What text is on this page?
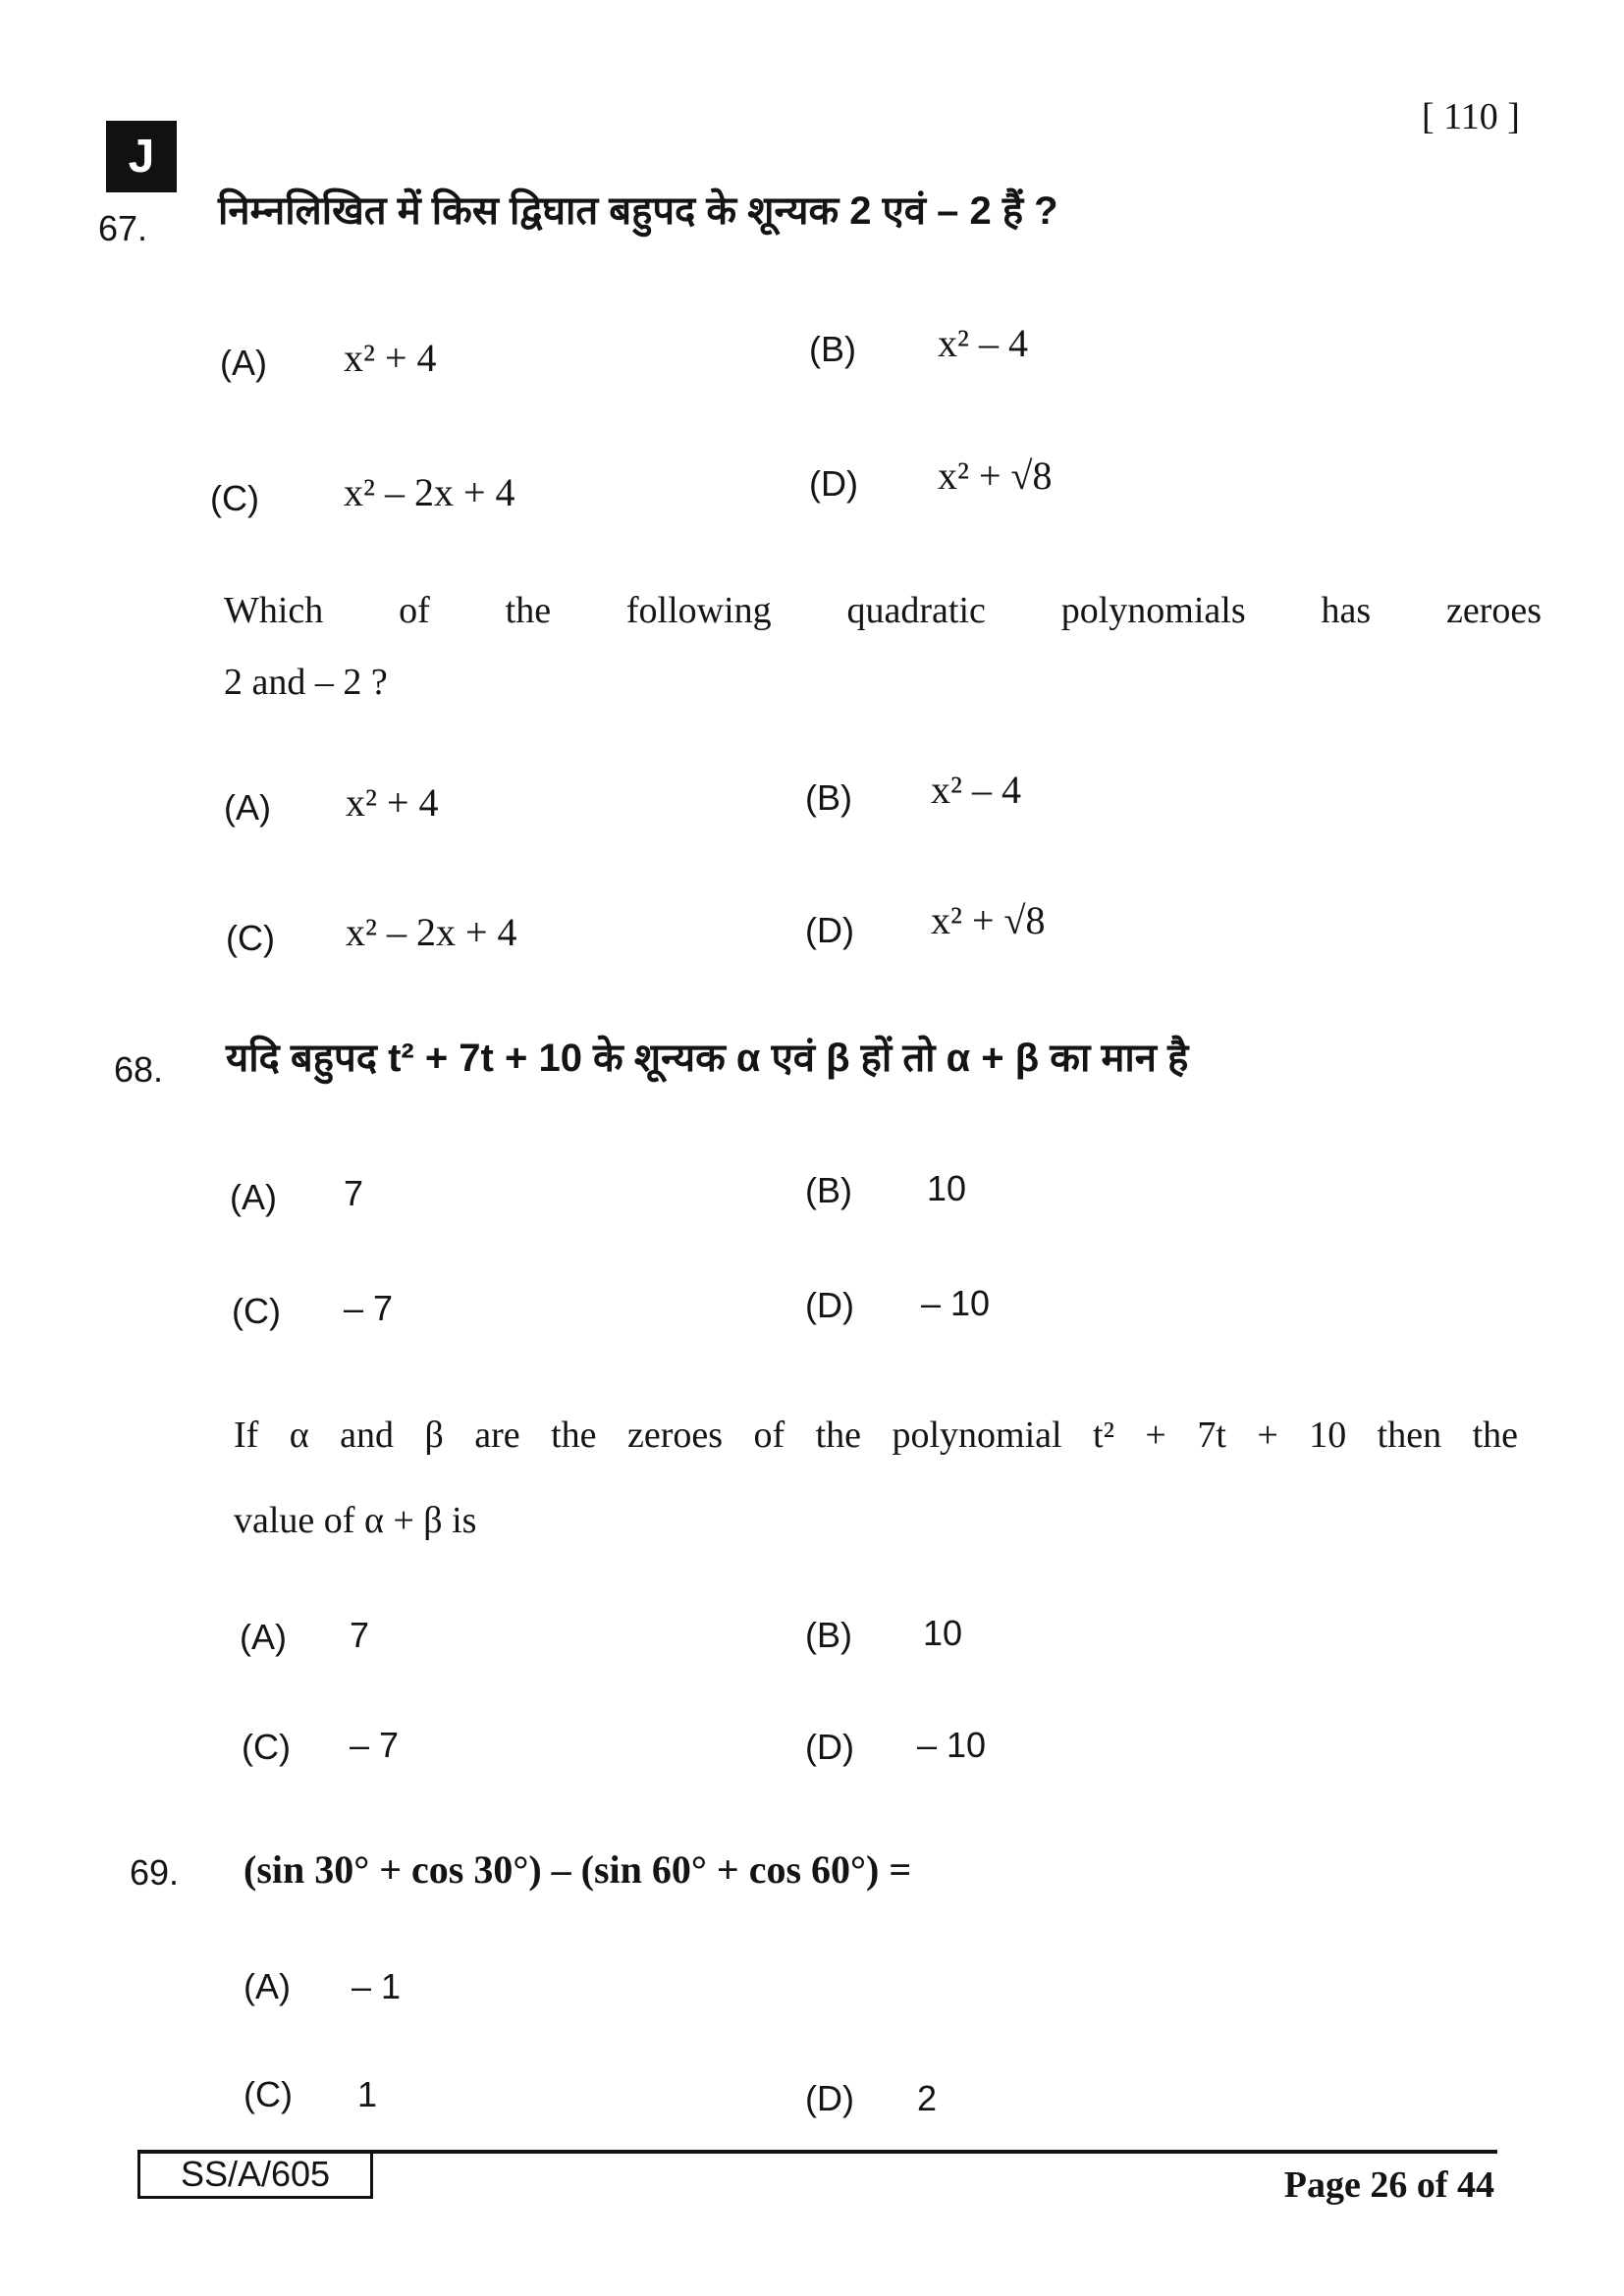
J
[ 110 ]
67. निम्नलिखित में किस द्विघात बहुपद के शून्यक 2 एवं – 2 हैं ?
(A) x² + 4	(B) x² – 4
(C) x² – 2x + 4	(D) x² + √8
Which of the following quadratic polynomials has zeroes
2 and – 2 ?
(A) x² + 4	(B) x² – 4
(C) x² – 2x + 4	(D) x² + √8
68. यदि बहुपद t² + 7t + 10 के शून्यक α एवं β हों तो α + β का मान है
(A) 7	(B) 10
(C) – 7	(D) – 10
If α and β are the zeroes of the polynomial t² + 7t + 10 then the
value of α + β is
(A) 7	(B) 10
(C) – 7	(D) – 10
69. (sin 30° + cos 30°) – (sin 60° + cos 60°) =
(A) – 1
(C) 1	(D) 2
SS/A/605	Page 26 of 44
